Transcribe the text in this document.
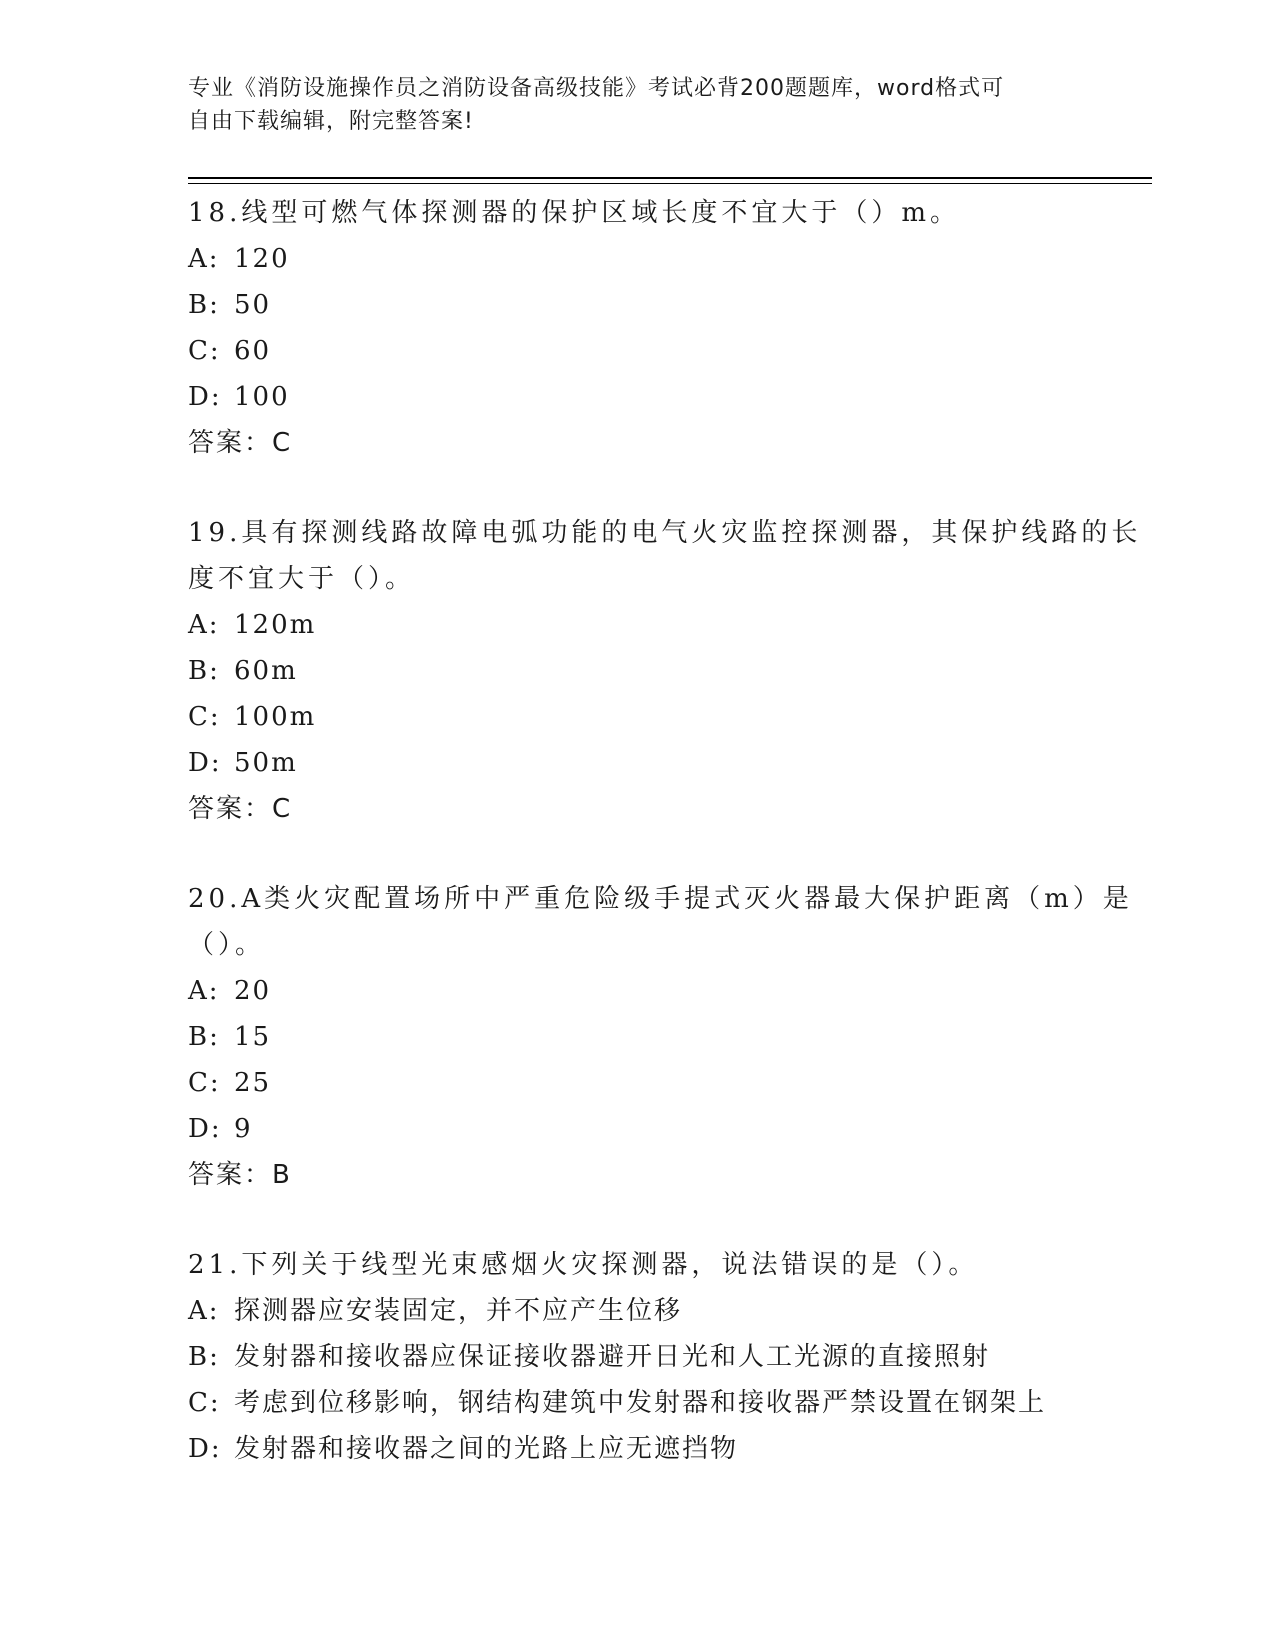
专业《消防设施操作员之消防设备高级技能》考试必背200题题库，word格式可
自由下载编辑，附完整答案!
18.线型可燃气体探测器的保护区域长度不宜大于（）m。
A: 120
B: 50
C: 60
D: 100
答案：C
19.具有探测线路故障电弧功能的电气火灾监控探测器，其保护线路的长度不宜大于（）。
A: 120m
B: 60m
C: 100m
D: 50m
答案：C
20.A类火灾配置场所中严重危险级手提式灭火器最大保护距离（m）是（）。
A: 20
B: 15
C: 25
D: 9
答案：B
21.下列关于线型光束感烟火灾探测器，说法错误的是（）。
A: 探测器应安装固定，并不应产生位移
B: 发射器和接收器应保证接收器避开日光和人工光源的直接照射
C: 考虑到位移影响，钢结构建筑中发射器和接收器严禁设置在钢架上
D: 发射器和接收器之间的光路上应无遮挡物
